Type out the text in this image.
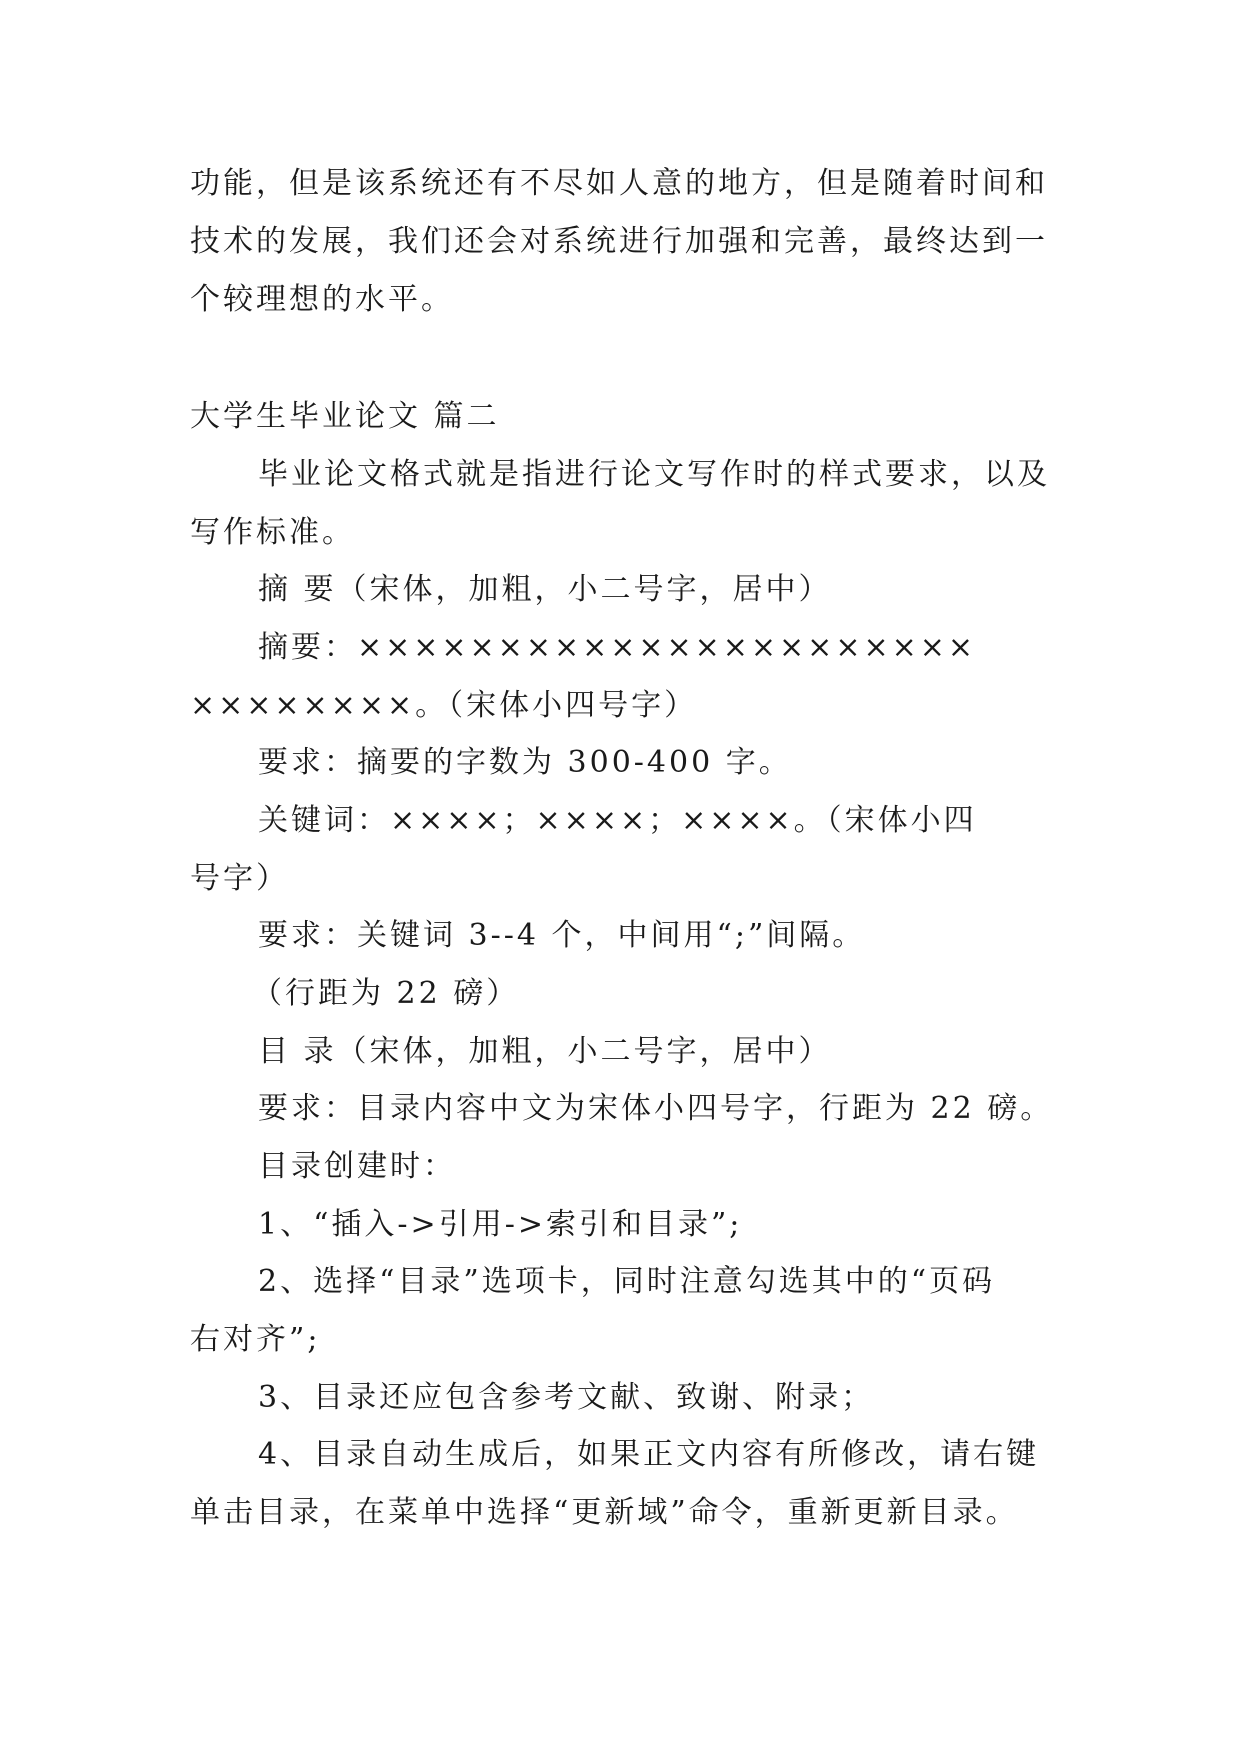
功能，但是该系统还有不尽如人意的地方，但是随着时间和
技术的发展，我们还会对系统进行加强和完善，最终达到一
个较理想的水平。
大学生毕业论文 篇二
毕业论文格式就是指进行论文写作时的样式要求，以及
写作标准。
摘 要（宋体，加粗，小二号字，居中）
摘要：××××××××××××××××××××××
××××××××。（宋体小四号字）
要求：摘要的字数为 300-400 字。
关键词：××××；××××；××××。（宋体小四
号字）
要求：关键词 3--4 个，中间用“;”间隔。
（行距为 22 磅）
目 录（宋体，加粗，小二号字，居中）
要求：目录内容中文为宋体小四号字，行距为 22 磅。
目录创建时：
1、“插入->引用->索引和目录”;
2、选择“目录”选项卡，同时注意勾选其中的“页码
右对齐”;
3、目录还应包含参考文献、致谢、附录；
4、目录自动生成后，如果正文内容有所修改，请右键
单击目录，在菜单中选择“更新域”命令，重新更新目录。
